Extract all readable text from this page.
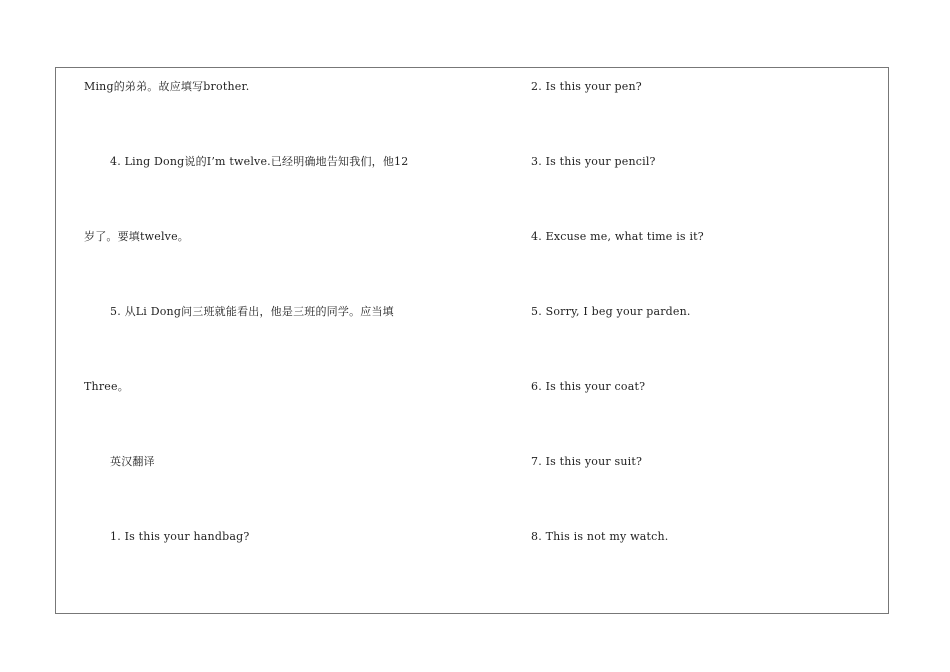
Ming的弟弟。故应填写brother.
4. Ling Dong说的I’m twelve.已经明确地告知我们，他12
岁了。要填twelve。
5. 从Li Dong问三班就能看出，他是三班的同学。应当填
Three。
英汉翻译
1. Is this your handbag?
2. Is this your pen?
3. Is this your pencil?
4. Excuse me, what time is it?
5. Sorry, I beg your parden.
6. Is this your coat?
7. Is this your suit?
8. This is not my watch.
